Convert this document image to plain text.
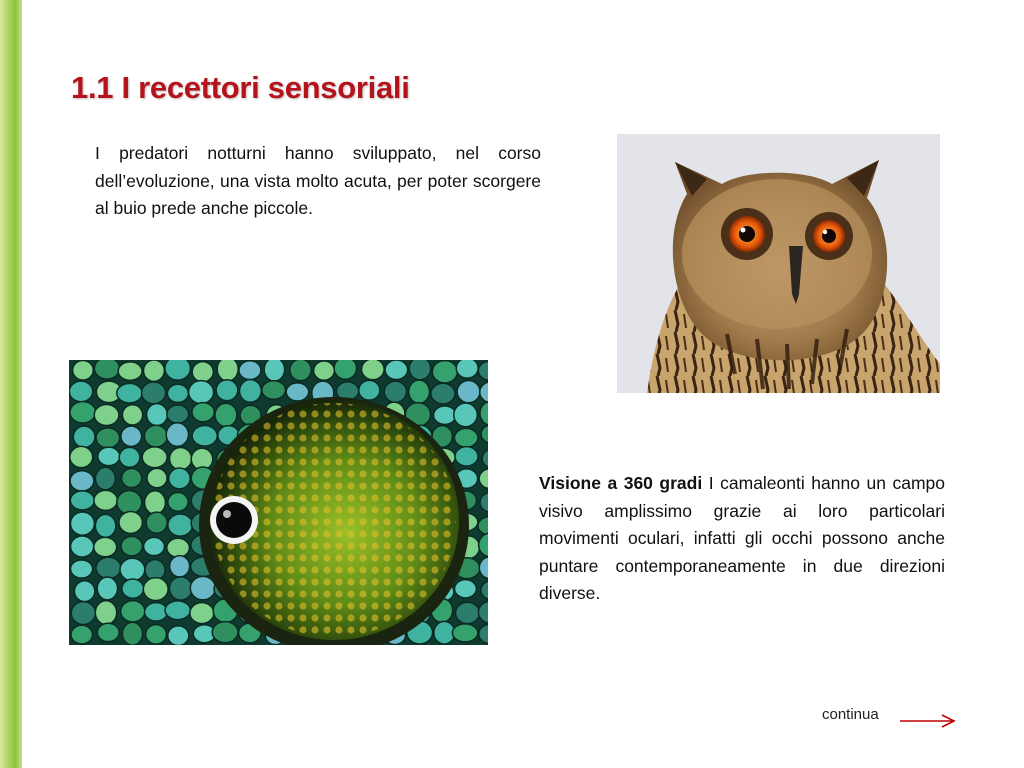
1.1 I recettori sensoriali
I predatori notturni hanno sviluppato, nel corso dell’evoluzione, una vista molto acuta, per poter scorgere al buio prede anche piccole.
Visione a 360 gradi I camaleonti hanno un campo visivo amplissimo grazie ai loro particolari movimenti oculari, infatti gli occhi possono anche puntare contemporaneamente in due direzioni diverse.
continua
